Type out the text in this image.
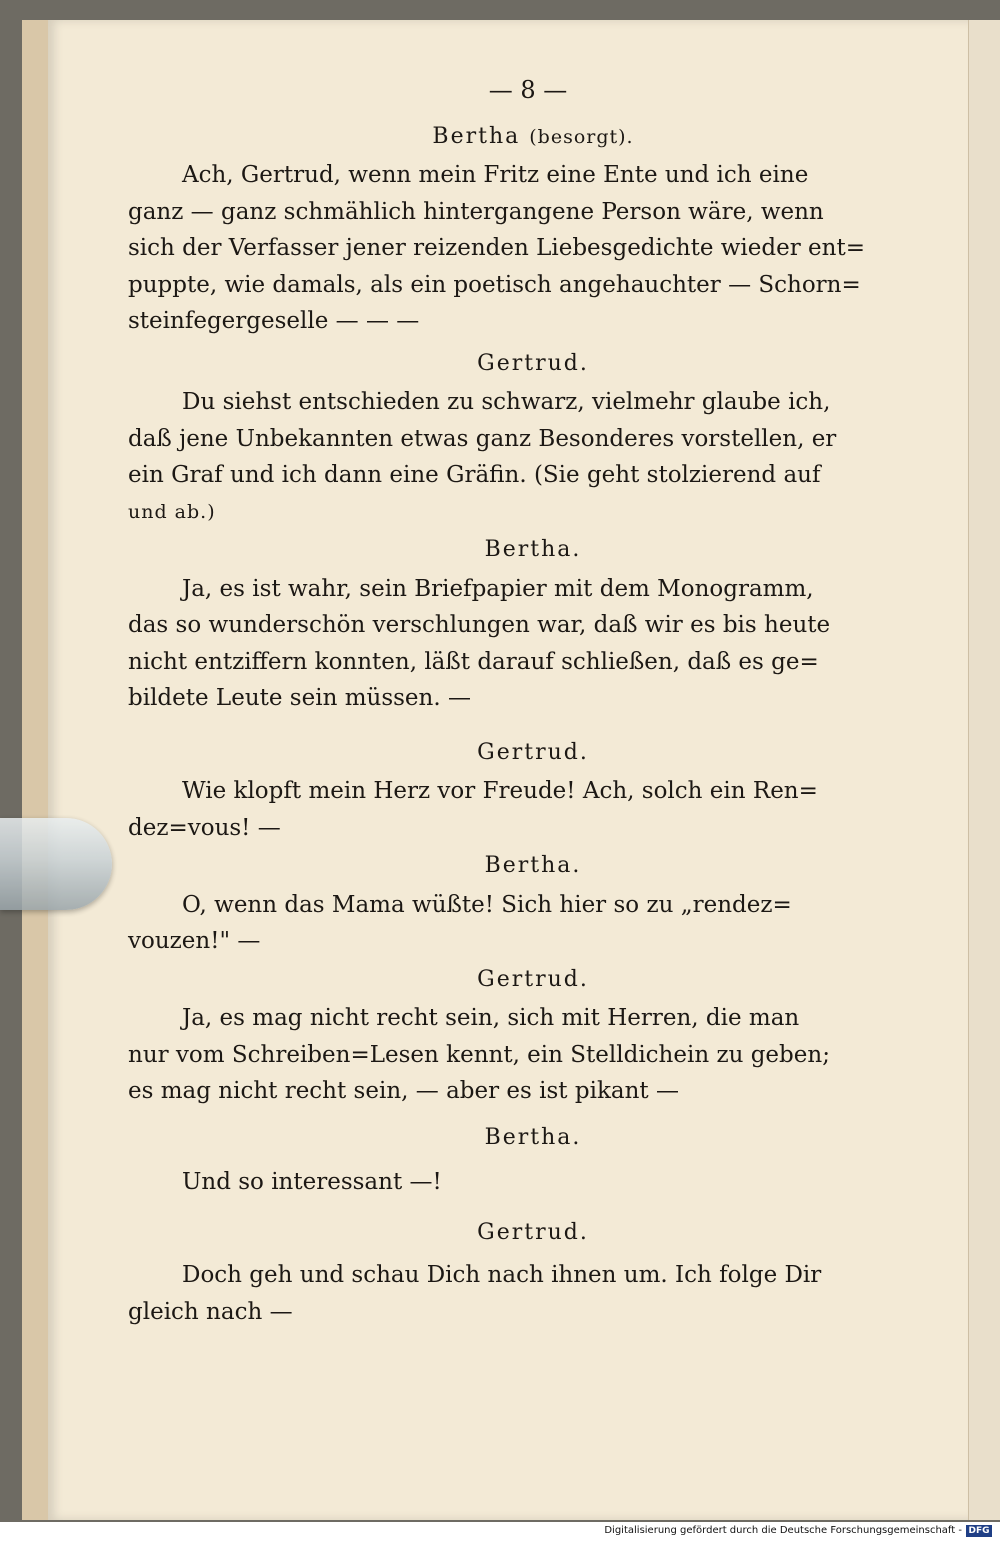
— 8 —
Bertha (besorgt).
Ach, Gertrud, wenn mein Fritz eine Ente und ich eine
ganz — ganz schmählich hintergangene Person wäre, wenn
sich der Verfasser jener reizenden Liebesgedichte wieder ent=
puppte, wie damals, als ein poetisch angehauchter — Schorn=
steinfegergeselle — — —
Gertrud.
Du siehst entschieden zu schwarz, vielmehr glaube ich,
daß jene Unbekannten etwas ganz Besonderes vorstellen, er
ein Graf und ich dann eine Gräfin. (Sie geht stolzierend auf
und ab.)
Bertha.
Ja, es ist wahr, sein Briefpapier mit dem Monogramm,
das so wunderschön verschlungen war, daß wir es bis heute
nicht entziffern konnten, läßt darauf schließen, daß es ge=
bildete Leute sein müssen. —
Gertrud.
Wie klopft mein Herz vor Freude! Ach, solch ein Ren=
dez=vous! —
Bertha.
O, wenn das Mama wüßte! Sich hier so zu „rendez=
vouzen!" —
Gertrud.
Ja, es mag nicht recht sein, sich mit Herren, die man
nur vom Schreiben=Lesen kennt, ein Stelldichein zu geben;
es mag nicht recht sein, — aber es ist pikant —
Bertha.
Und so interessant —!
Gertrud.
Doch geh und schau Dich nach ihnen um. Ich folge Dir
gleich nach —
Digitalisierung gefördert durch die Deutsche Forschungsgemeinschaft - DFG
